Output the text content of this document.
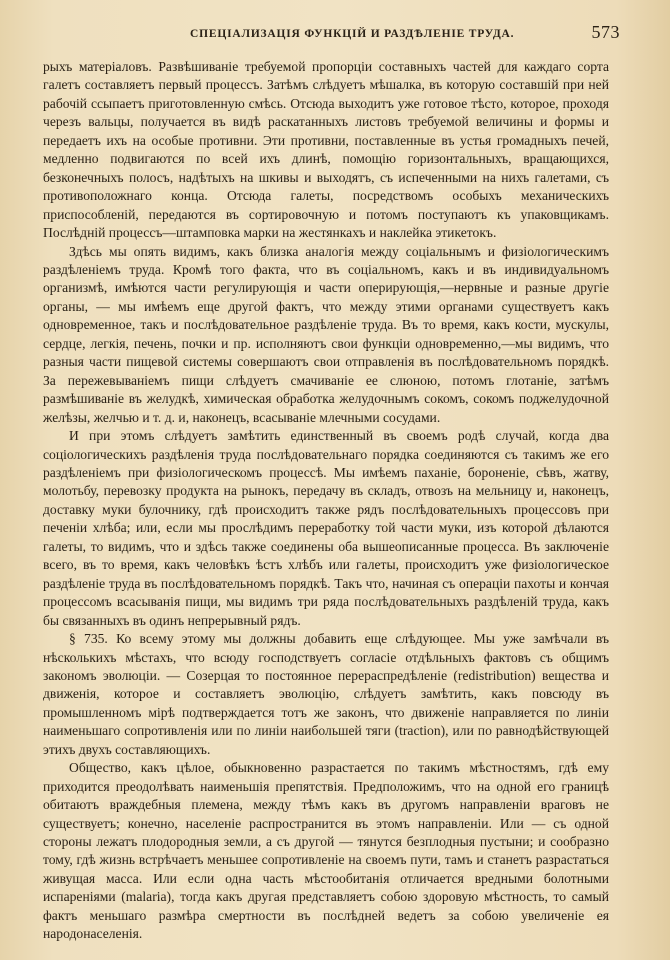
СПЕЦІАЛИЗАЦІЯ ФУНКЦІЙ И РАЗДѢЛЕНІЕ ТРУДА.	573

рыхъ матеріаловъ. Развѣшиваніе требуемой пропорціи составныхъ частей для каждаго сорта галетъ составляетъ первый процессъ. Затѣмъ слѣдуетъ мѣшалка, въ которую составшій при ней рабочій ссыпаетъ приготовленную смѣсь. Отсюда выходитъ уже готовое тѣсто, которое, проходя черезъ вальцы, получается въ видѣ раскатанныхъ листовъ требуемой величины и формы и передаетъ ихъ на особые противни. Эти противни, поставленные въ устья громадныхъ печей, медленно подвигаются по всей ихъ длинѣ, помощію горизонтальныхъ, вращающихся, безконечныхъ полосъ, надѣтыхъ на шкивы и выходятъ, съ испеченными на нихъ галетами, съ противоположнаго конца. Отсюда галеты, посредствомъ особыхъ механическихъ приспособленій, передаются въ сортировочную и потомъ поступаютъ къ упаковщикамъ. Послѣдній процессъ—штамповка марки на жестянкахъ и наклейка этикетокъ.

Здѣсь мы опять видимъ, какъ близка аналогія между соціальнымъ и физіологическимъ раздѣленіемъ труда. Кромѣ того факта, что въ соціальномъ, какъ и въ индивидуальномъ организмѣ, имѣются части регулирующія и части оперирующія,—нервные и разные другіе органы, — мы имѣемъ еще другой фактъ, что между этими органами существуетъ какъ одновременное, такъ и послѣдовательное раздѣленіе труда. Въ то время, какъ кости, мускулы, сердце, легкія, печень, почки и пр. исполняютъ свои функціи одновременно,—мы видимъ, что разныя части пищевой системы совершаютъ свои отправленія въ послѣдовательномъ порядкѣ. За пережевываніемъ пищи слѣдуетъ смачиваніе ее слюною, потомъ глотаніе, затѣмъ размѣшиваніе въ желудкѣ, химическая обработка желудочнымъ сокомъ, сокомъ поджелудочной желѣзы, желчью и т. д. и, наконецъ, всасываніе млечными сосудами.

И при этомъ слѣдуетъ замѣтить единственный въ своемъ родѣ случай, когда два соціологическихъ раздѣленія труда послѣдовательнаго порядка соединяются съ такимъ же его раздѣленіемъ при физіологическомъ процессѣ. Мы имѣемъ паханіе, бороненіе, сѣвъ, жатву, молотьбу, перевозку продукта на рынокъ, передачу въ складъ, отвозъ на мельницу и, наконецъ, доставку муки булочнику, гдѣ происходитъ также рядъ послѣдовательныхъ процессовъ при печеніи хлѣба; или, если мы прослѣдимъ переработку той части муки, изъ которой дѣлаются галеты, то видимъ, что и здѣсь также соединены оба вышеописанные процесса. Въ заключеніе всего, въ то время, какъ человѣкъ ѣстъ хлѣбъ или галеты, происходитъ уже физіологическое раздѣленіе труда въ послѣдовательномъ порядкѣ. Такъ что, начиная съ операціи пахоты и кончая процессомъ всасыванія пищи, мы видимъ три ряда послѣдовательныхъ раздѣленій труда, какъ бы связанныхъ въ одинъ непрерывный рядъ.

§ 735. Ко всему этому мы должны добавить еще слѣдующее. Мы уже замѣчали въ нѣсколькихъ мѣстахъ, что всюду господствуетъ согласіе отдѣльныхъ фактовъ съ общимъ закономъ эволюціи. — Созерцая то постоянное перераспредѣленіе (redistribution) вещества и движенія, которое и составляетъ эволюцію, слѣдуетъ замѣтить, какъ повсюду въ промышленномъ мірѣ подтверждается тотъ же законъ, что движеніе направляется по линіи наименьшаго сопротивленія или по линіи наибольшей тяги (traction), или по равнодѣйствующей этихъ двухъ составляющихъ.

Общество, какъ цѣлое, обыкновенно разрастается по такимъ мѣстностямъ, гдѣ ему приходится преодолѣвать наименьшія препятствія. Предположимъ, что на одной его границѣ обитаютъ враждебныя племена, между тѣмъ какъ въ другомъ направленіи враговъ не существуетъ; конечно, населеніе распространится въ этомъ направленіи. Или — съ одной стороны лежатъ плодородныя земли, а съ другой — тянутся безплодныя пустыни; и сообразно тому, гдѣ жизнь встрѣчаетъ меньшее сопротивленіе на своемъ пути, тамъ и станетъ разрастаться живущая масса. Или если одна часть мѣстообитанія отличается вредными болотными испареніями (malaria), тогда какъ другая представляетъ собою здоровую мѣстность, то самый фактъ меньшаго размѣра смертности въ послѣдней ведетъ за собою увеличеніе ея народонаселенія.
